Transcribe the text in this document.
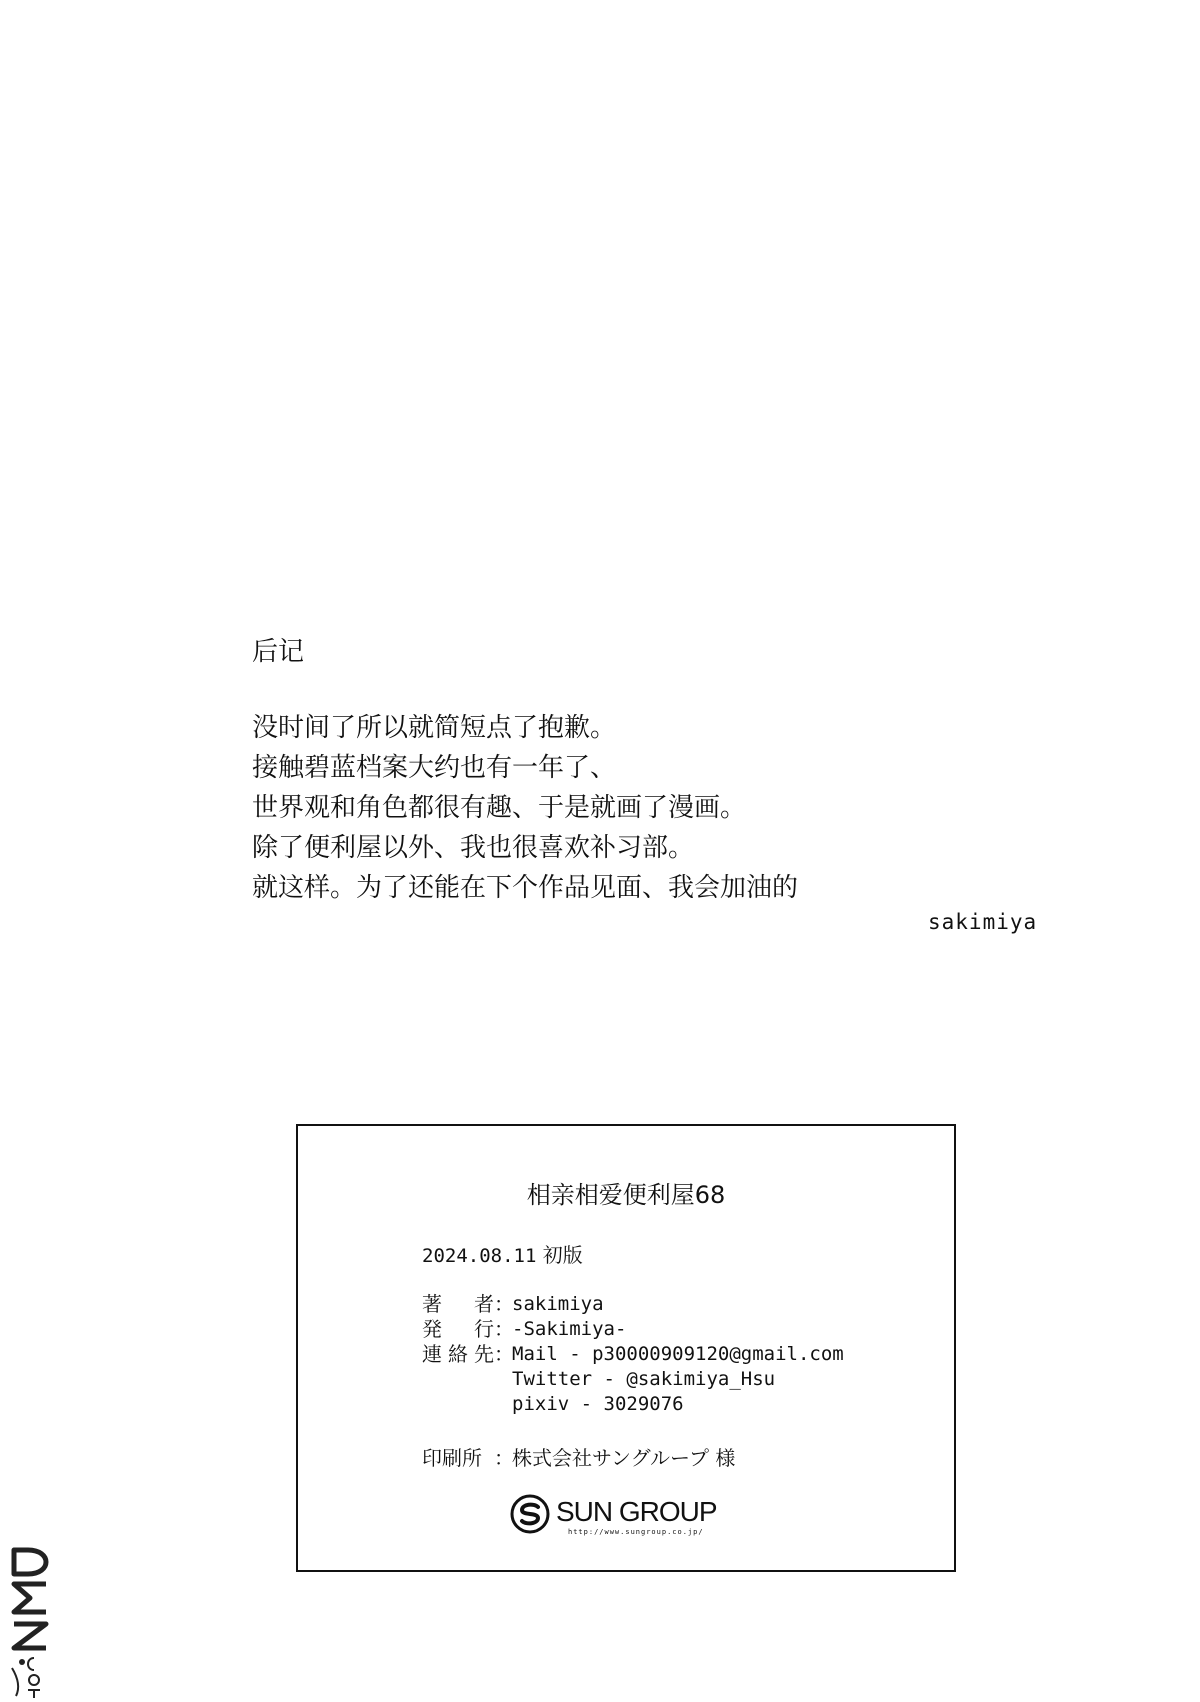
后记
没时间了所以就简短点了抱歉。
接触碧蓝档案大约也有一年了、
世界观和角色都很有趣、于是就画了漫画。
除了便利屋以外、我也很喜欢补习部。
就这样。为了还能在下个作品见面、我会加油的
sakimiya
相亲相爱便利屋68
2024.08.11 初版
著　者 ：
sakimiya
発　行 ：
-Sakimiya-
連絡先 ：
Mail - p30000909120@gmail.com
Twitter - @sakimiya_Hsu
pixiv - 3029076
印刷所 ：
株式会社サングループ 様
SUN GROUP
http://www.sungroup.co.jp/
